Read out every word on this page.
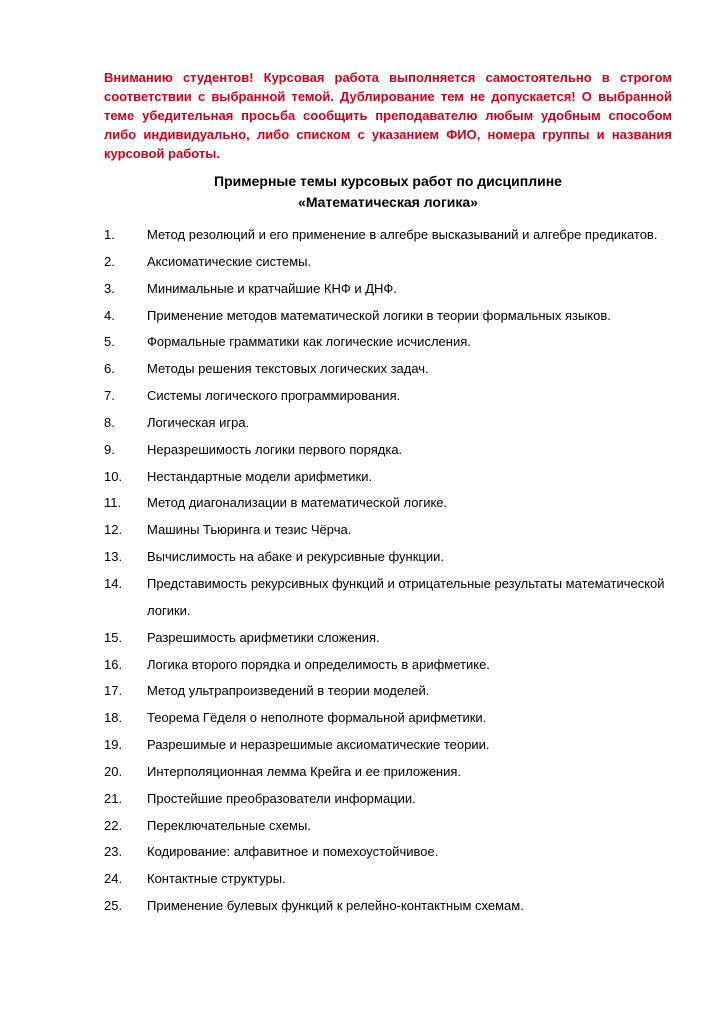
Вниманию студентов! Курсовая работа выполняется самостоятельно в строгом соответствии с выбранной темой. Дублирование тем не допускается! О выбранной теме убедительная просьба сообщить преподавателю любым удобным способом либо индивидуально, либо списком с указанием ФИО, номера группы и названия курсовой работы.

Примерные темы курсовых работ по дисциплине
«Математическая логика»
1.	Метод резолюций и его применение в алгебре высказываний и алгебре предикатов.
2.	Аксиоматические системы.
3.	Минимальные и кратчайшие КНФ и ДНФ.
4.	Применение методов математической логики в теории формальных языков.
5.	Формальные грамматики как логические исчисления.
6.	Методы решения текстовых логических задач.
7.	Системы логического программирования.
8.	Логическая игра.
9.	Неразрешимость логики первого порядка.
10.	Нестандартные модели арифметики.
11.	Метод диагонализации в математической логике.
12.	Машины Тьюринга и тезис Чёрча.
13.	Вычислимость на абаке и рекурсивные функции.
14.	Представимость рекурсивных функций и отрицательные результаты математической логики.
15.	Разрешимость арифметики сложения.
16.	Логика второго порядка и определимость в арифметике.
17.	Метод ультрапроизведений в теории моделей.
18.	Теорема Гёделя о неполноте формальной арифметики.
19.	Разрешимые и неразрешимые аксиоматические теории.
20.	Интерполяционная лемма Крейга и ее приложения.
21.	Простейшие преобразователи информации.
22.	Переключательные схемы.
23.	Кодирование: алфавитное и помехоустойчивое.
24.	Контактные структуры.
25.	Применение булевых функций к релейно-контактным схемам.
